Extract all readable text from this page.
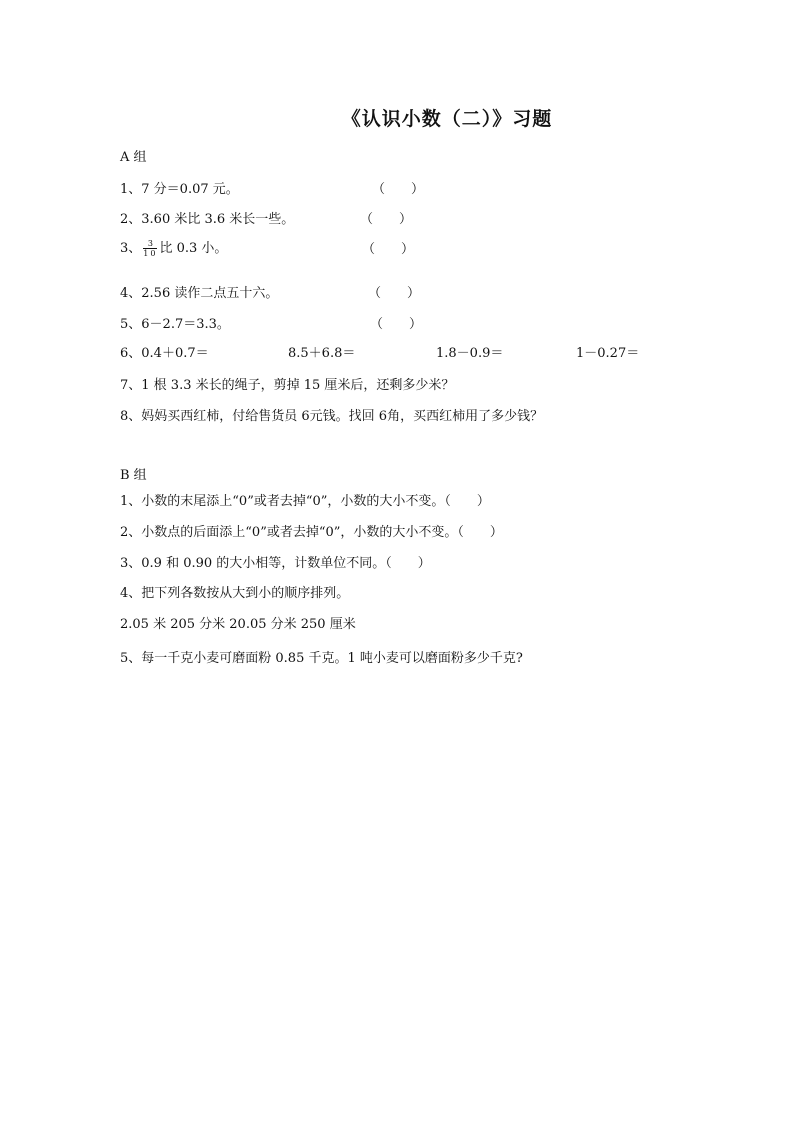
《认识小数（二）》习题
A 组
1、7 分＝0.07 元。	（　　）
2、3.60 米比 3.6 米长一些。	（　　）
3、 $\frac{3}{10}$ 比 0.3 小。	（　　）
4、2.56 读作二点五十六。	（　　）
5、6－2.7＝3.3。	（　　）
6、0.4＋0.7＝	8.5＋6.8＝	1.8－0.9＝	1－0.27＝
7、1 根 3.3 米长的绳子，剪掉 15 厘米后，还剩多少米？
8、妈妈买西红柿，付给售货员 6元钱。找回 6角，买西红柿用了多少钱？
B 组
1、小数的末尾添上“0”或者去掉“0”，小数的大小不变。（　　）
2、小数点的后面添上“0”或者去掉“0”，小数的大小不变。（　　）
3、0.9 和 0.90 的大小相等，计数单位不同。（　　）
4、把下列各数按从大到小的顺序排列。
2.05 米 205 分米 20.05 分米 250 厘米
5、每一千克小麦可磨面粉 0.85 千克。1 吨小麦可以磨面粉多少千克?
